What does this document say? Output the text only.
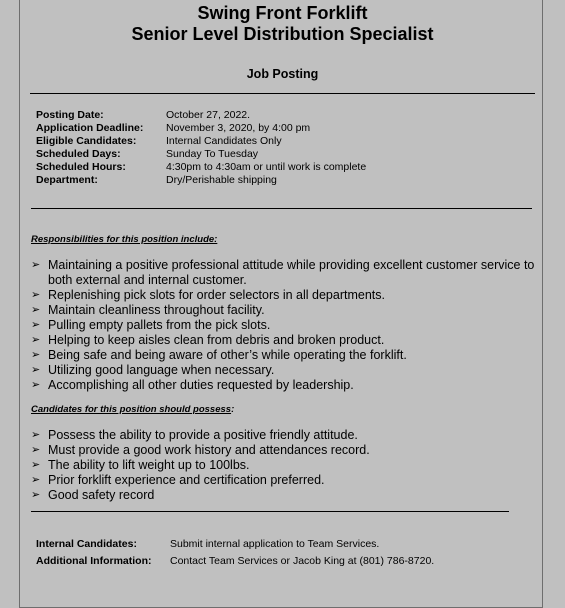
Swing Front Forklift
Senior Level Distribution Specialist
Job Posting
Posting Date:	October 27, 2022.
Application Deadline: November 3, 2020, by 4:00 pm
Eligible Candidates:	Internal Candidates Only
Scheduled Days:	Sunday To Tuesday
Scheduled Hours:	4:30pm to 4:30am or until work is complete
Department:	Dry/Perishable shipping
Responsibilities for this position include:
➢ Maintaining a positive professional attitude while providing excellent customer service to both external and internal customer.
➢ Replenishing pick slots for order selectors in all departments.
➢ Maintain cleanliness throughout facility.
➢ Pulling empty pallets from the pick slots.
➢ Helping to keep aisles clean from debris and broken product.
➢ Being safe and being aware of other’s while operating the forklift.
➢ Utilizing good language when necessary.
➢ Accomplishing all other duties requested by leadership.
Candidates for this position should possess:
➢ Possess the ability to provide a positive friendly attitude.
➢ Must provide a good work history and attendances record.
➢ The ability to lift weight up to 100lbs.
➢ Prior forklift experience and certification preferred.
➢ Good safety record
Internal Candidates:	Submit internal application to Team Services.
Additional Information: Contact Team Services or Jacob King at (801) 786-8720.
